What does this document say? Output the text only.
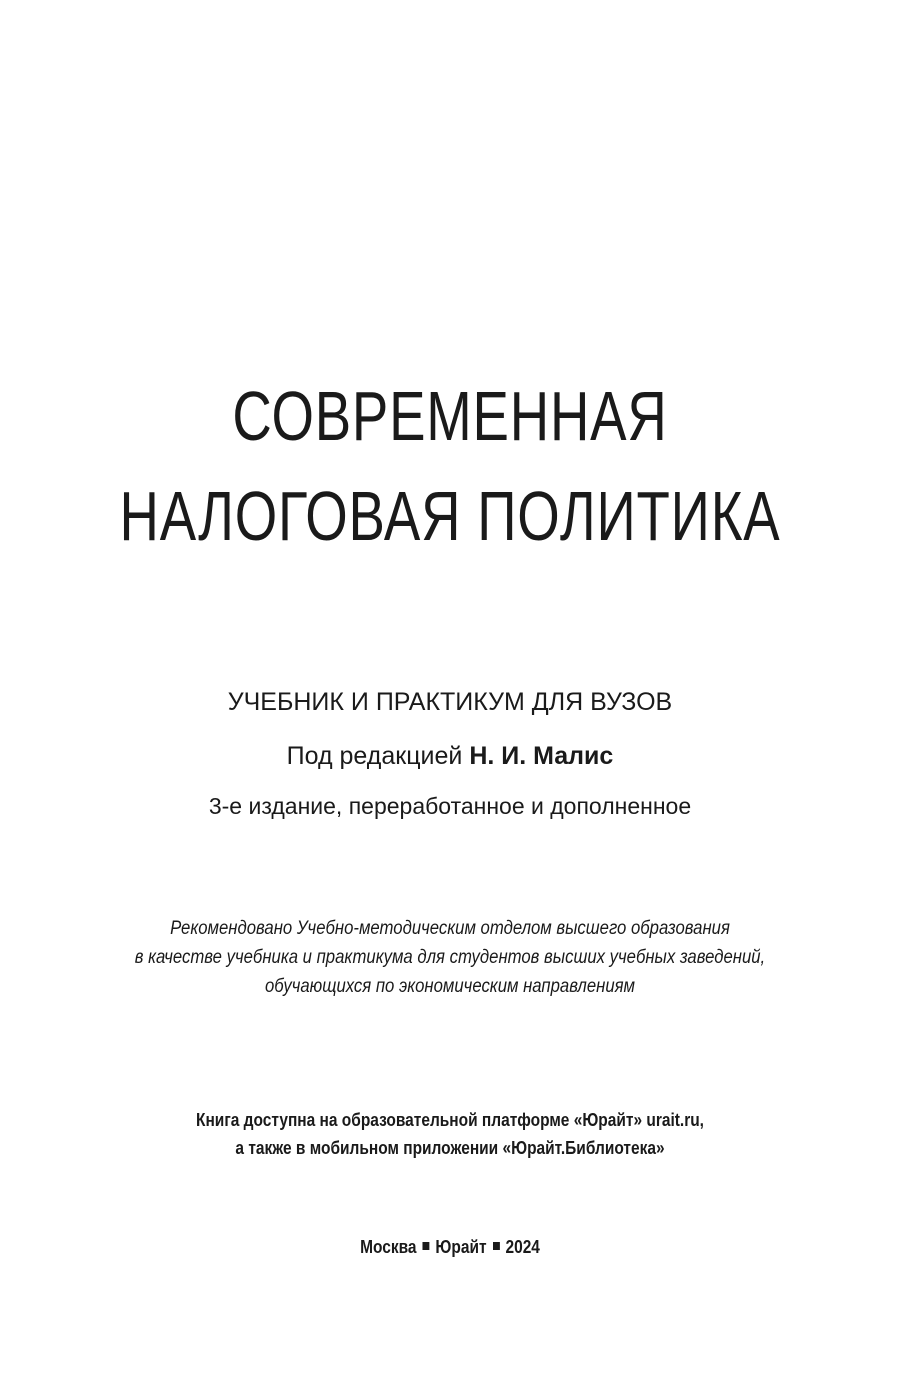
СОВРЕМЕННАЯ
НАЛОГОВАЯ ПОЛИТИКА
УЧЕБНИК И ПРАКТИКУМ ДЛЯ ВУЗОВ
Под редакцией Н. И. Малис
3-е издание, переработанное и дополненное
Рекомендовано Учебно-методическим отделом высшего образования
в качестве учебника и практикума для студентов высших учебных заведений,
обучающихся по экономическим направлениям
Книга доступна на образовательной платформе «Юрайт» urait.ru,
а также в мобильном приложении «Юрайт.Библиотека»
Москва Юрайт 2024
